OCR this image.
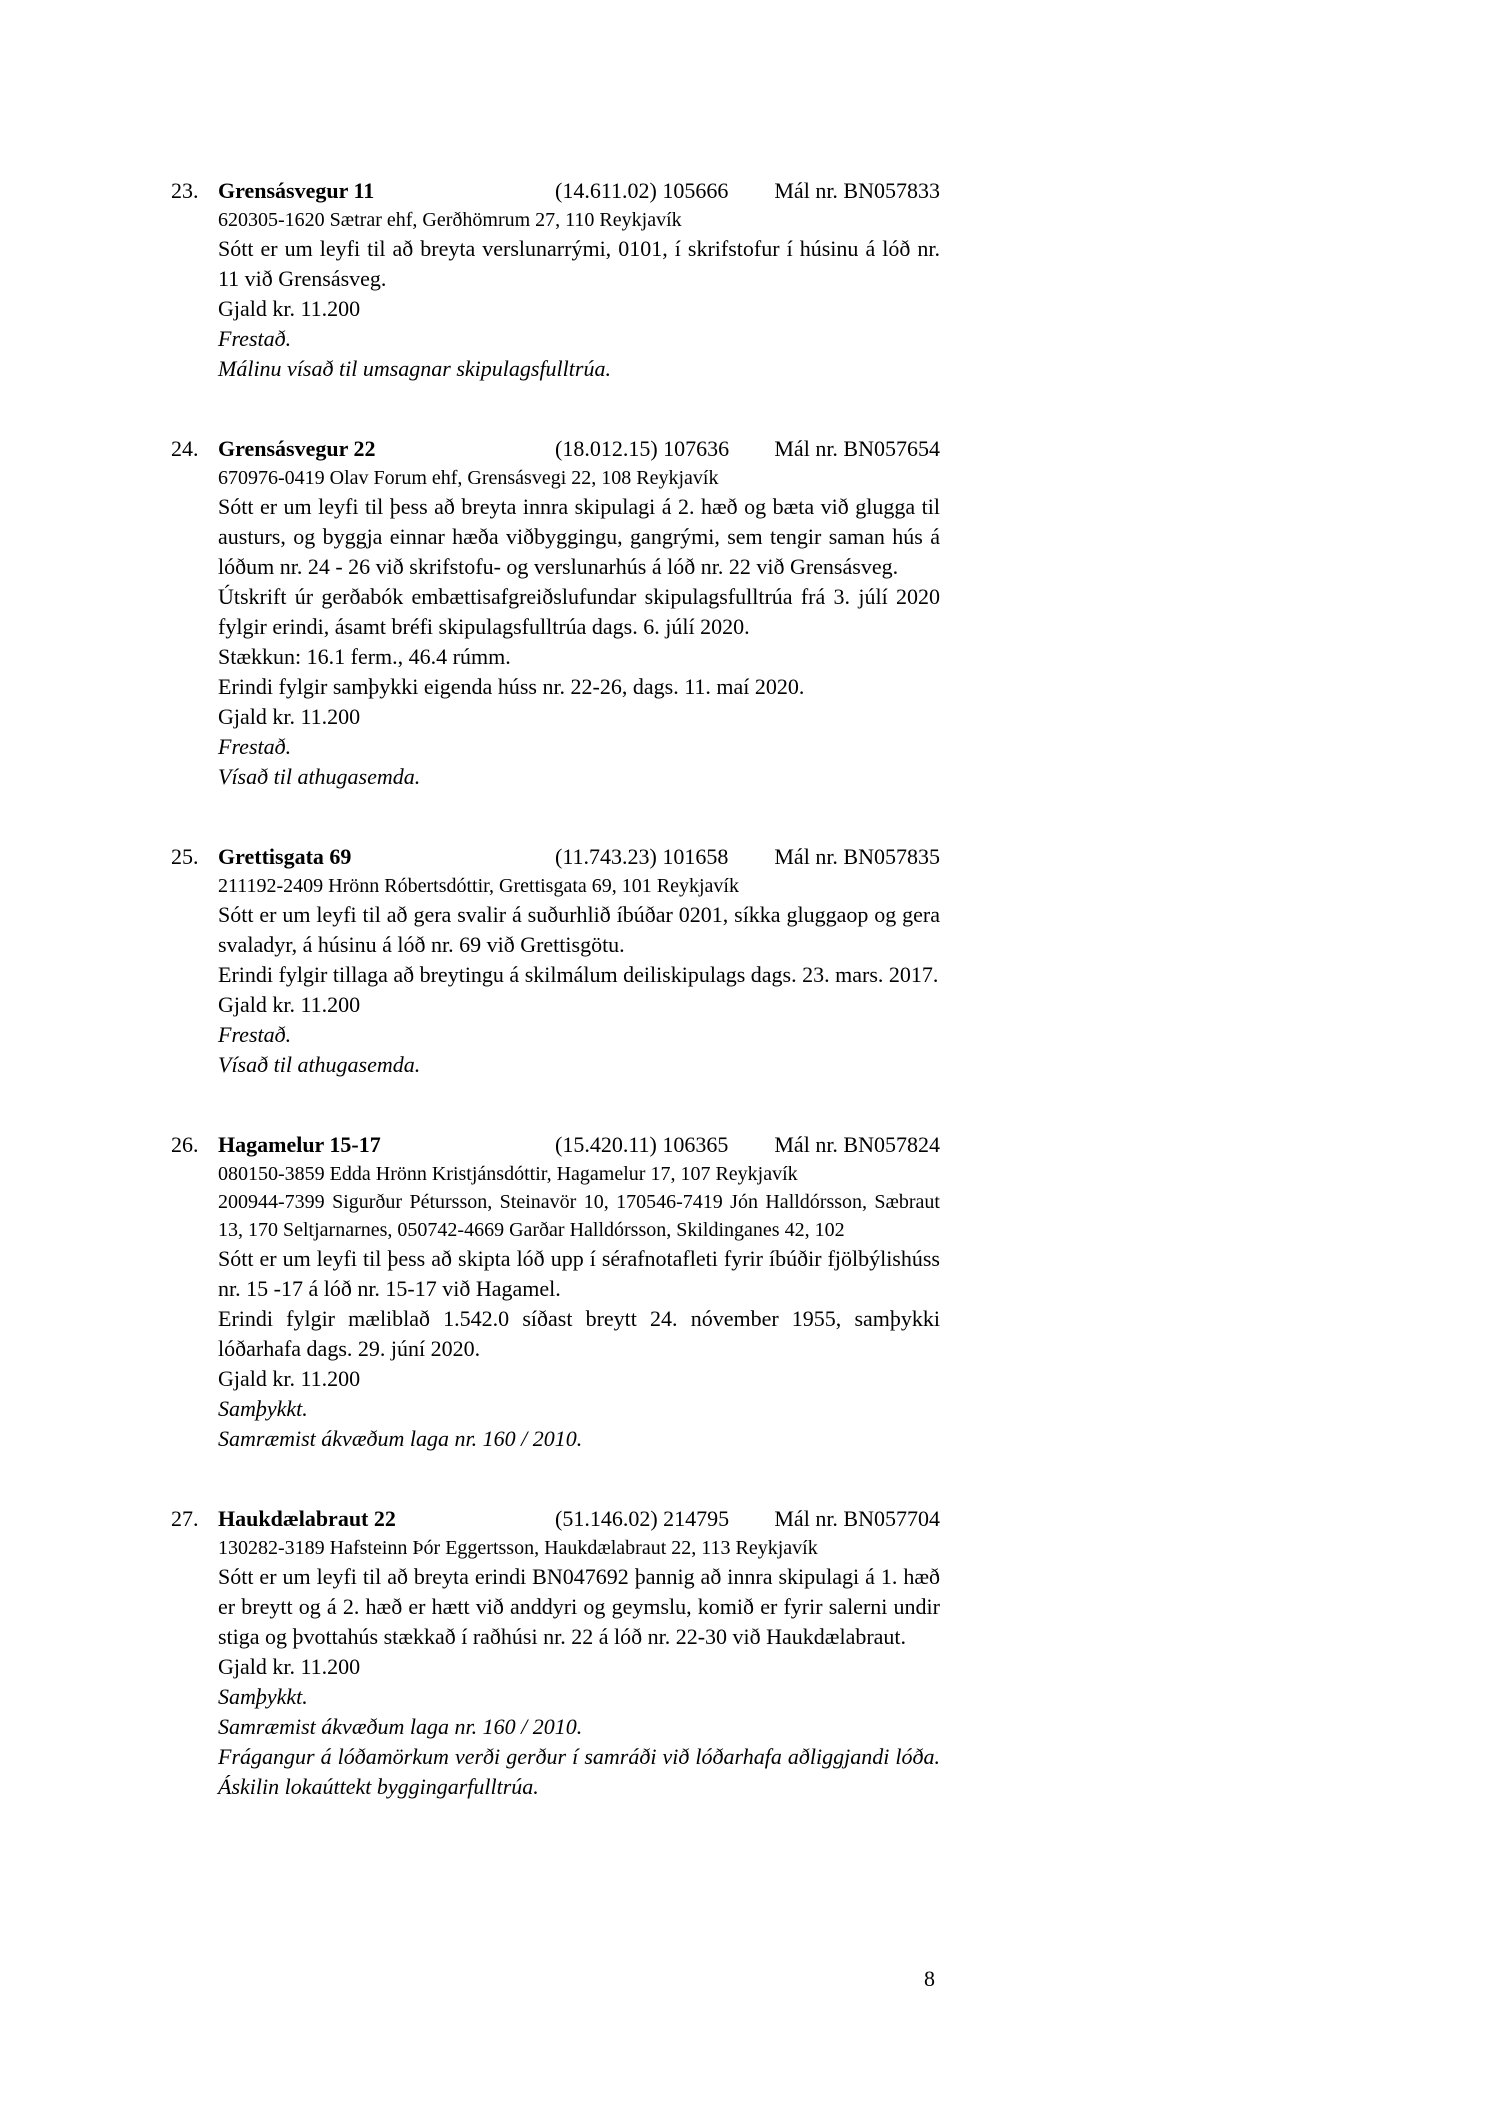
23. Grensásvegur 11	(14.611.02) 105666 Mál nr. BN057833

620305-1620 Sætrar ehf, Gerðhömrum 27, 110 Reykjavík

Sótt er um leyfi til að breyta verslunarrými, 0101, í skrifstofur í húsinu á lóð nr. 11 við Grensásveg.

Gjald kr. 11.200

Frestað.

Málinu vísað til umsagnar skipulagsfulltrúa.

24. Grensásvegur 22	(18.012.15) 107636 Mál nr. BN057654

670976-0419 Olav Forum ehf, Grensásvegi 22, 108 Reykjavík

Sótt er um leyfi til þess að breyta innra skipulagi á 2. hæð og bæta við glugga til austurs, og byggja einnar hæða viðbyggingu, gangrými, sem tengir saman hús á lóðum nr. 24 - 26 við skrifstofu- og verslunarhús á lóð nr. 22 við Grensásveg.

Útskrift úr gerðabók embættisafgreiðslufundar skipulagsfulltrúa frá 3. júlí 2020 fylgir erindi, ásamt bréfi skipulagsfulltrúa dags. 6. júlí 2020.

Stækkun: 16.1 ferm., 46.4 rúmm.

Erindi fylgir samþykki eigenda húss nr. 22-26, dags. 11. maí 2020.

Gjald kr. 11.200

Frestað.

Vísað til athugasemda.

25. Grettisgata 69	(11.743.23) 101658 Mál nr. BN057835

211192-2409 Hrönn Róbertsdóttir, Grettisgata 69, 101 Reykjavík

Sótt er um leyfi til að gera svalir á suðurhlið íbúðar 0201, síkka gluggaop og gera svaladyr, á húsinu á lóð nr. 69 við Grettisgötu.

Erindi fylgir tillaga að breytingu á skilmálum deiliskipulags dags. 23. mars. 2017.

Gjald kr. 11.200

Frestað.

Vísað til athugasemda.

26. Hagamelur 15-17	(15.420.11) 106365 Mál nr. BN057824

080150-3859 Edda Hrönn Kristjánsdóttir, Hagamelur 17, 107 Reykjavík

200944-7399 Sigurður Pétursson, Steinavör 10, 170546-7419 Jón Halldórsson, Sæbraut 13, 170 Seltjarnarnes, 050742-4669 Garðar Halldórsson, Skildinganes 42, 102

Sótt er um leyfi til þess að skipta lóð upp í sérafnotafleti fyrir íbúðir fjölbýlishúss nr. 15 -17 á lóð nr. 15-17 við Hagamel.

Erindi fylgir mæliblað 1.542.0 síðast breytt 24. nóvember 1955, samþykki lóðarhafa dags. 29. júní 2020.

Gjald kr. 11.200

Samþykkt.

Samræmist ákvæðum laga nr. 160 / 2010.

27. Haukdælabraut 22	(51.146.02) 214795 Mál nr. BN057704

130282-3189 Hafsteinn Þór Eggertsson, Haukdælabraut 22, 113 Reykjavík

Sótt er um leyfi til að breyta erindi BN047692 þannig að innra skipulagi á 1. hæð er breytt og á 2. hæð er hætt við anddyri og geymslu, komið er fyrir salerni undir stiga og þvottahús stækkað í raðhúsi nr. 22 á lóð nr. 22-30 við Haukdælabraut.

Gjald kr. 11.200

Samþykkt.

Samræmist ákvæðum laga nr. 160 / 2010.

Frágangur á lóðamörkum verði gerður í samráði við lóðarhafa aðliggjandi lóða. Áskilin lokaúttekt byggingarfulltrúa.

8
